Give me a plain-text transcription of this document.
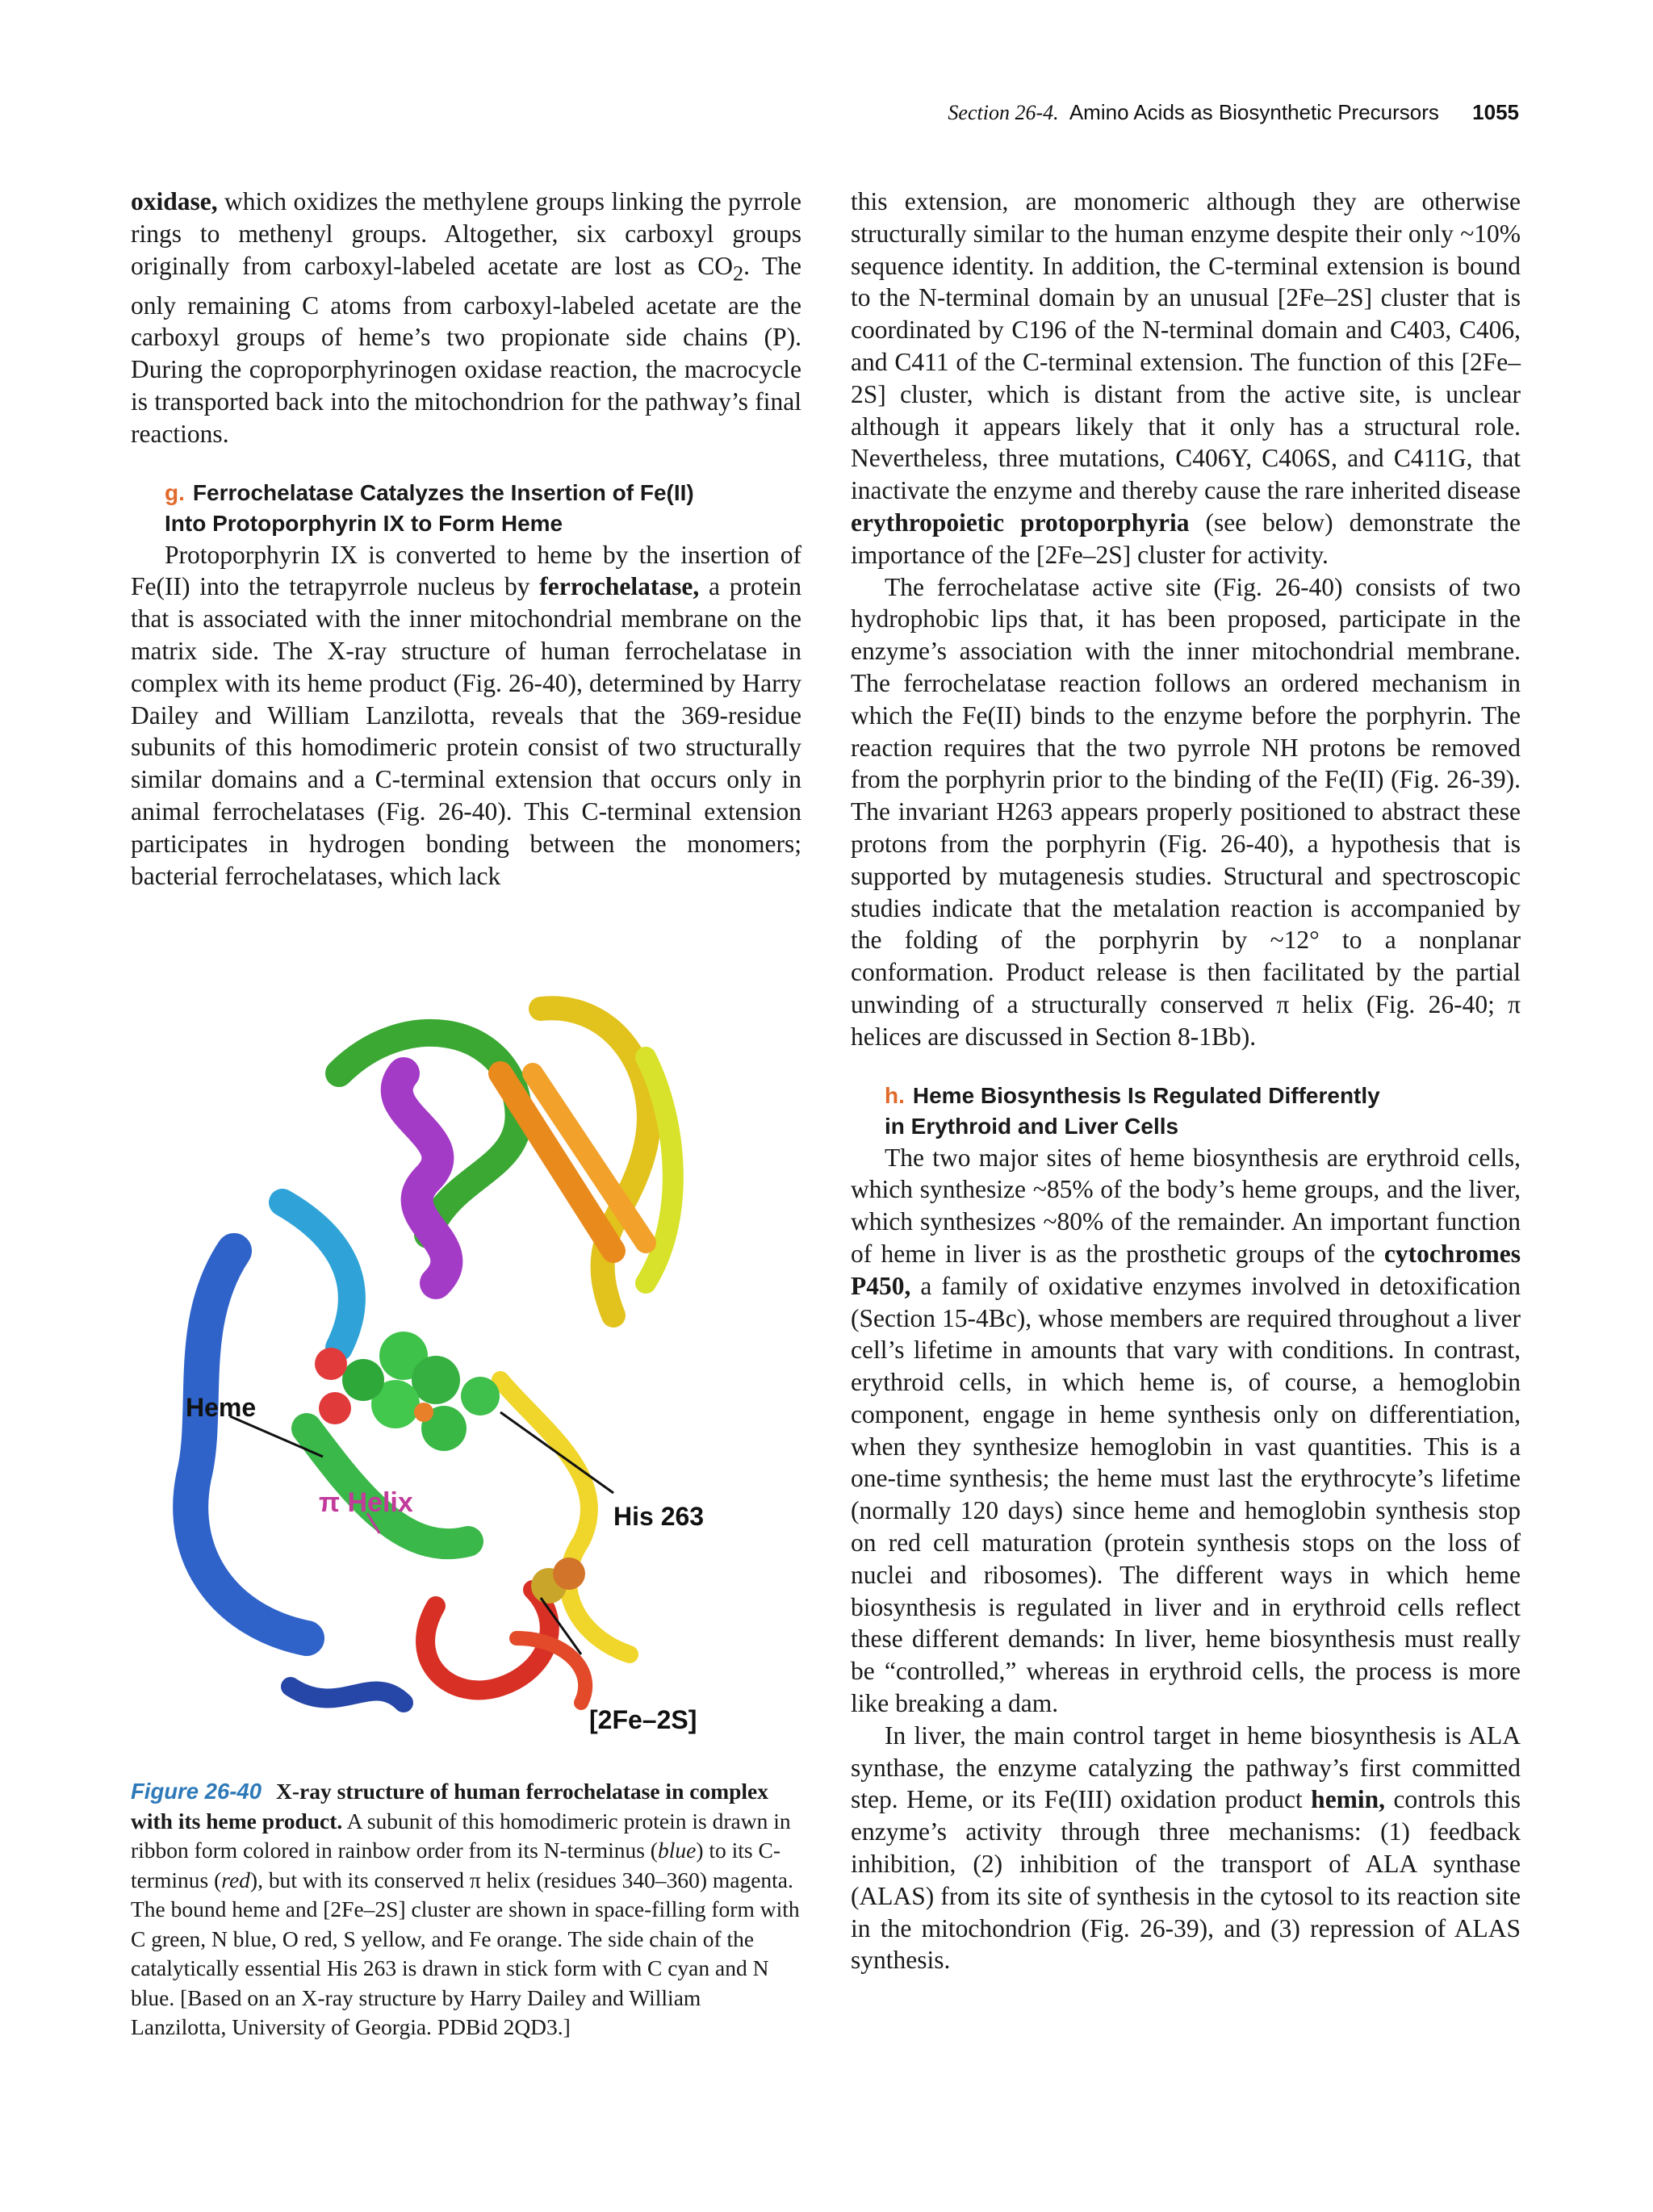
Section 26-4. Amino Acids as Biosynthetic Precursors 1055

oxidase, which oxidizes the methylene groups linking the pyrrole rings to methenyl groups. Altogether, six carboxyl groups originally from carboxyl-labeled acetate are lost as $CO_2$. The only remaining C atoms from carboxyl-labeled acetate are the carboxyl groups of heme’s two propionate side chains (P). During the coproporphyrinogen oxidase reaction, the macrocycle is transported back into the mitochondrion for the pathway’s final reactions.

g. Ferrochelatase Catalyzes the Insertion of Fe(II)
Into Protoporphyrin IX to Form Heme

Protoporphyrin IX is converted to heme by the insertion of Fe(II) into the tetrapyrrole nucleus by ferrochelatase, a protein that is associated with the inner mitochondrial membrane on the matrix side. The X-ray structure of human ferrochelatase in complex with its heme product (Fig. 26-40), determined by Harry Dailey and William Lanzilotta, reveals that the 369-residue subunits of this homodimeric protein consist of two structurally similar domains and a C-terminal extension that occurs only in animal ferrochelatases (Fig. 26-40). This C-terminal extension participates in hydrogen bonding between the monomers; bacterial ferrochelatases, which lack

π Helix
Heme
His 263
[2Fe–2S]

Figure 26-40 X-ray structure of human ferrochelatase in complex with its heme product. A subunit of this homodimeric protein is drawn in ribbon form colored in rainbow order from its N-terminus (blue) to its C-terminus (red), but with its conserved π helix (residues 340–360) magenta. The bound heme and [2Fe–2S] cluster are shown in space-filling form with C green, N blue, O red, S yellow, and Fe orange. The side chain of the catalytically essential His 263 is drawn in stick form with C cyan and N blue. [Based on an X-ray structure by Harry Dailey and William Lanzilotta, University of Georgia. PDBid 2QD3.]

this extension, are monomeric although they are otherwise structurally similar to the human enzyme despite their only ~10% sequence identity. In addition, the C-terminal extension is bound to the N-terminal domain by an unusual [2Fe–2S] cluster that is coordinated by C196 of the N-terminal domain and C403, C406, and C411 of the C-terminal extension. The function of this [2Fe–2S] cluster, which is distant from the active site, is unclear although it appears likely that it only has a structural role. Nevertheless, three mutations, C406Y, C406S, and C411G, that inactivate the enzyme and thereby cause the rare inherited disease erythropoietic protoporphyria (see below) demonstrate the importance of the [2Fe–2S] cluster for activity.

The ferrochelatase active site (Fig. 26-40) consists of two hydrophobic lips that, it has been proposed, participate in the enzyme’s association with the inner mitochondrial membrane. The ferrochelatase reaction follows an ordered mechanism in which the Fe(II) binds to the enzyme before the porphyrin. The reaction requires that the two pyrrole NH protons be removed from the porphyrin prior to the binding of the Fe(II) (Fig. 26-39). The invariant H263 appears properly positioned to abstract these protons from the porphyrin (Fig. 26-40), a hypothesis that is supported by mutagenesis studies. Structural and spectroscopic studies indicate that the metalation reaction is accompanied by the folding of the porphyrin by ~12° to a nonplanar conformation. Product release is then facilitated by the partial unwinding of a structurally conserved π helix (Fig. 26-40; π helices are discussed in Section 8-1Bb).

h. Heme Biosynthesis Is Regulated Differently
in Erythroid and Liver Cells

The two major sites of heme biosynthesis are erythroid cells, which synthesize ~85% of the body’s heme groups, and the liver, which synthesizes ~80% of the remainder. An important function of heme in liver is as the prosthetic groups of the cytochromes P450, a family of oxidative enzymes involved in detoxification (Section 15-4Bc), whose members are required throughout a liver cell’s lifetime in amounts that vary with conditions. In contrast, erythroid cells, in which heme is, of course, a hemoglobin component, engage in heme synthesis only on differentiation, when they synthesize hemoglobin in vast quantities. This is a one-time synthesis; the heme must last the erythrocyte’s lifetime (normally 120 days) since heme and hemoglobin synthesis stop on red cell maturation (protein synthesis stops on the loss of nuclei and ribosomes). The different ways in which heme biosynthesis is regulated in liver and in erythroid cells reflect these different demands: In liver, heme biosynthesis must really be “controlled,” whereas in erythroid cells, the process is more like breaking a dam.

In liver, the main control target in heme biosynthesis is ALA synthase, the enzyme catalyzing the pathway’s first committed step. Heme, or its Fe(III) oxidation product hemin, controls this enzyme’s activity through three mechanisms: (1) feedback inhibition, (2) inhibition of the transport of ALA synthase (ALAS) from its site of synthesis in the cytosol to its reaction site in the mitochondrion (Fig. 26-39), and (3) repression of ALAS synthesis.
